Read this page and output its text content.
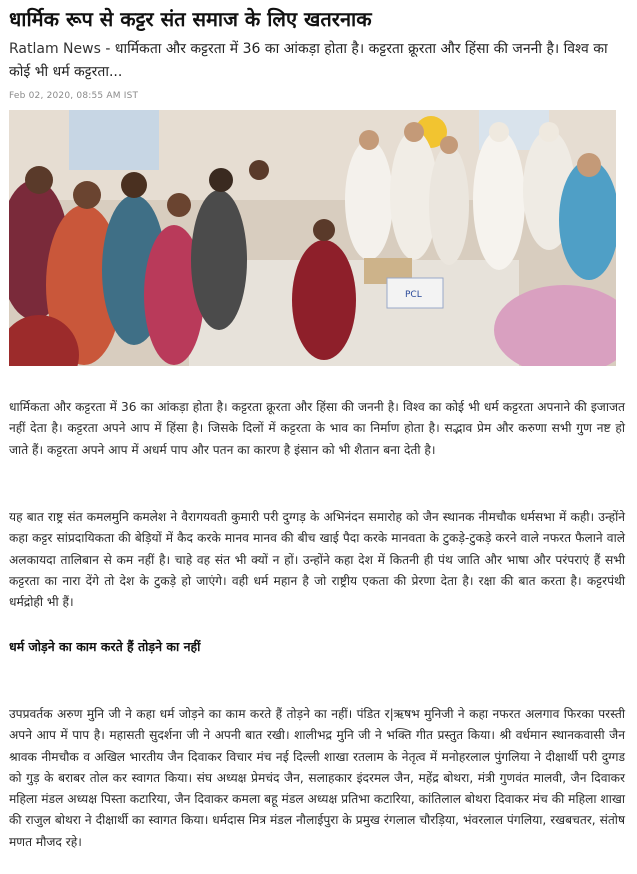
धार्मिक रूप से कट्टर संत समाज के लिए खतरनाक
Ratlam News - धार्मिकता और कट्टरता में 36 का आंकड़ा होता है। कट्टरता क्रूरता और हिंसा की जननी है। विश्व का कोई भी धर्म कट्टरता...
Feb 02, 2020, 08:55 AM IST
PCL

धार्मिकता और कट्टरता में 36 का आंकड़ा होता है। कट्टरता क्रूरता और हिंसा की जननी है। विश्व का कोई भी धर्म कट्टरता अपनाने की इजाजत नहीं देता है। कट्टरता अपने आप में हिंसा है। जिसके दिलों में कट्टरता के भाव का निर्माण होता है। सद्भाव प्रेम और करुणा सभी गुण नष्ट हो जाते हैं। कट्टरता अपने आप में अधर्म पाप और पतन का कारण है इंसान को भी शैतान बना देती है।

यह बात राष्ट्र संत कमलमुनि कमलेश ने वैरागयवती कुमारी परी दुग्गड़ के अभिनंदन समारोह को जैन स्थानक नीमचौक धर्मसभा में कही। उन्होंने कहा कट्टर सांप्रदायिकता की बेड़ियों में कैद करके मानव मानव की बीच खाई पैदा करके मानवता के टुकड़े-टुकड़े करने वाले नफरत फैलाने वाले अलकायदा तालिबान से कम नहीं है। चाहे वह संत भी क्यों न हों। उन्होंने कहा देश में कितनी ही पंथ जाति और भाषा और परंपराएं हैं सभी कट्टरता का नारा देंगे तो देश के टुकड़े हो जाएंगे। वही धर्म महान है जो राष्ट्रीय एकता की प्रेरणा देता है। रक्षा की बात करता है। कट्टरपंथी धर्मद्रोही भी हैं।

धर्म जोड़ने का काम करते हैं तोड़ने का नहीं

उपप्रवर्तक अरुण मुनि जी ने कहा धर्म जोड़ने का काम करते हैं तोड़ने का नहीं। पंडित र|ऋषभ मुनिजी ने कहा नफरत अलगाव फिरका परस्ती अपने आप में पाप है। महासती सुदर्शना जी ने अपनी बात रखी। शालीभद्र मुनि जी ने भक्ति गीत प्रस्तुत किया। श्री वर्धमान स्थानकवासी जैन श्रावक नीमचौक व अखिल भारतीय जैन दिवाकर विचार मंच नई दिल्ली शाखा रतलाम के नेतृत्व में मनोहरलाल पुंगलिया ने दीक्षार्थी परी दुग्गड को गुड़ के बराबर तोल कर स्वागत किया। संघ अध्यक्ष प्रेमचंद जैन, सलाहकार इंदरमल जैन, महेंद्र बोथरा, मंत्री गुणवंत मालवी, जैन दिवाकर महिला मंडल अध्यक्ष पिस्ता कटारिया, जैन दिवाकर कमला बहू मंडल अध्यक्ष प्रतिभा कटारिया, कांतिलाल बोथरा दिवाकर मंच की महिला शाखा की राजुल बोथरा ने दीक्षार्थी का स्वागत किया। धर्मदास मित्र मंडल नौलाईपुरा के प्रमुख रंगलाल चौरड़िया, भंवरलाल पंगलिया, रखबचतर, संतोष मणत मौजद रहे।
